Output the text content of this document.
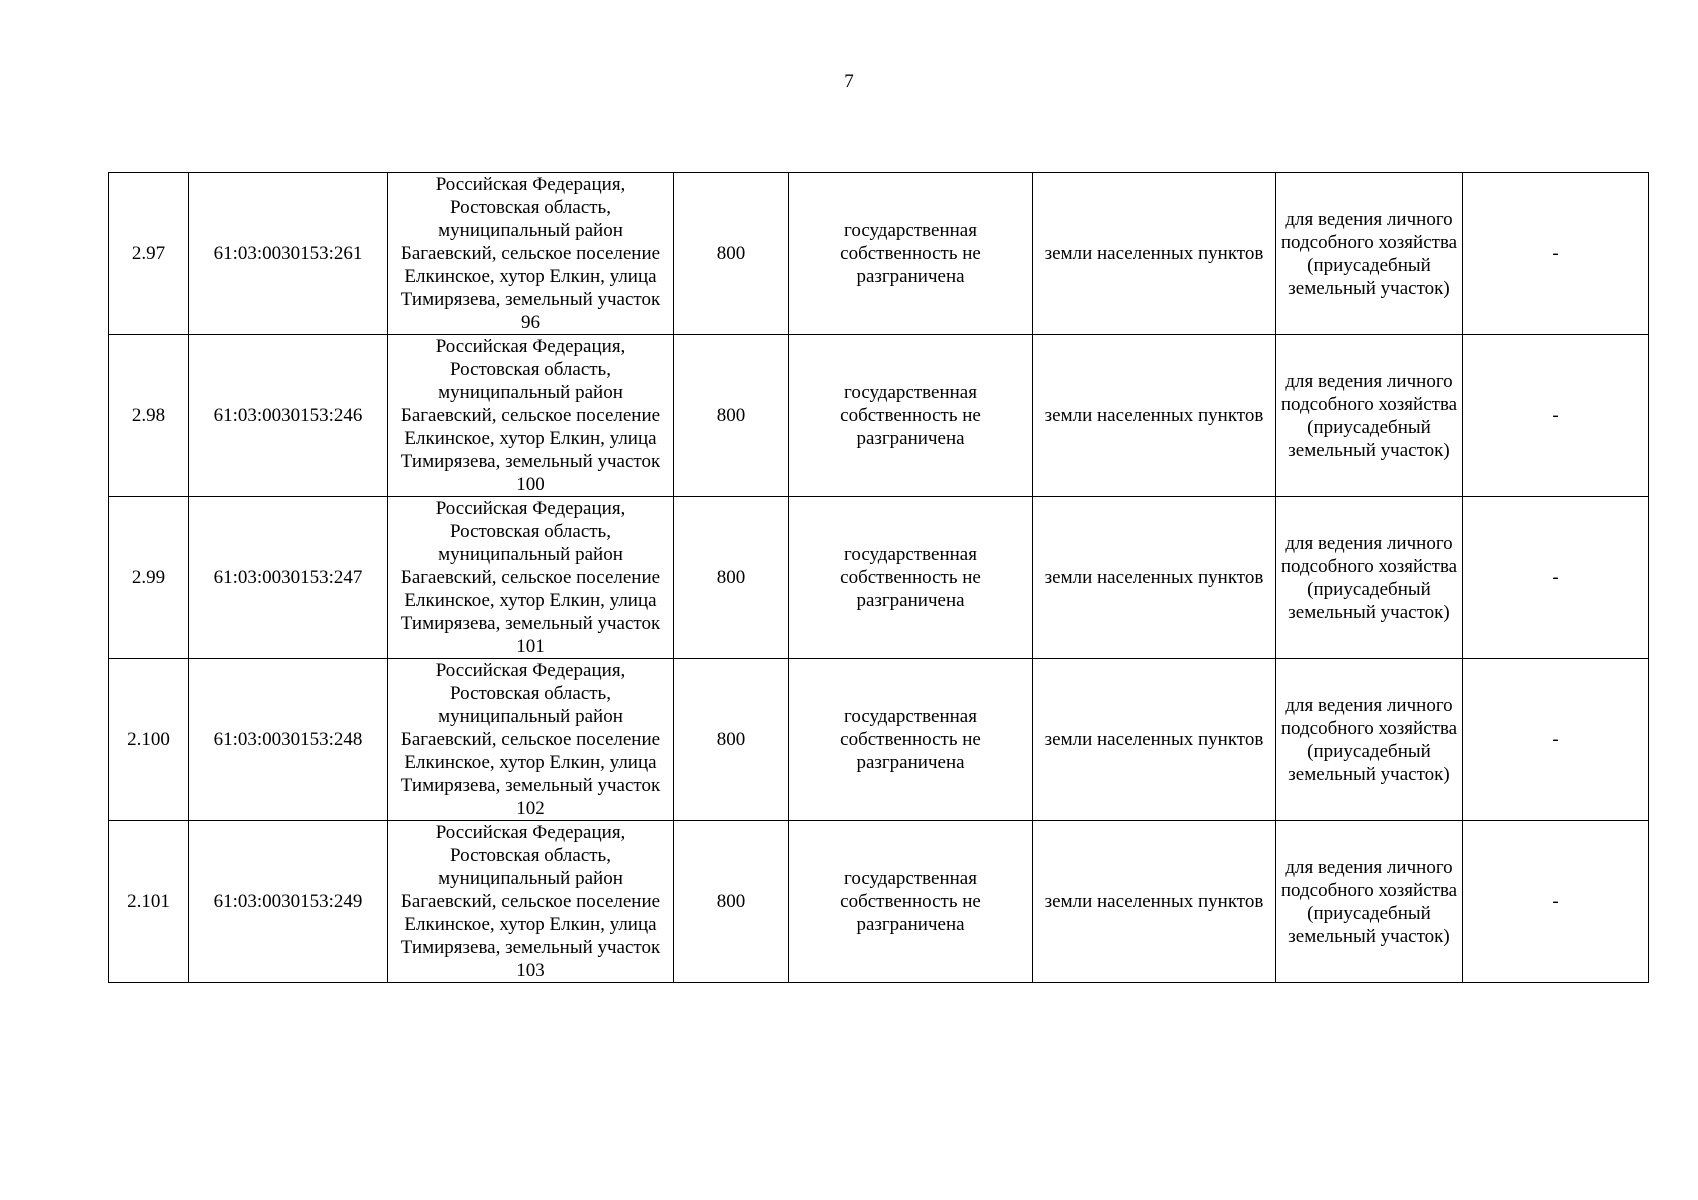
7
2.97	61:03:0030153:261	Российская Федерация, Ростовская область, муниципальный район Багаевский, сельское поселение Елкинское, хутор Елкин, улица Тимирязева, земельный участок 96	800	государственная собственность не разграничена	земли населенных пунктов	для ведения личного подсобного хозяйства (приусадебный земельный участок)	-
2.98	61:03:0030153:246	Российская Федерация, Ростовская область, муниципальный район Багаевский, сельское поселение Елкинское, хутор Елкин, улица Тимирязева, земельный участок 100	800	государственная собственность не разграничена	земли населенных пунктов	для ведения личного подсобного хозяйства (приусадебный земельный участок)	-
2.99	61:03:0030153:247	Российская Федерация, Ростовская область, муниципальный район Багаевский, сельское поселение Елкинское, хутор Елкин, улица Тимирязева, земельный участок 101	800	государственная собственность не разграничена	земли населенных пунктов	для ведения личного подсобного хозяйства (приусадебный земельный участок)	-
2.100	61:03:0030153:248	Российская Федерация, Ростовская область, муниципальный район Багаевский, сельское поселение Елкинское, хутор Елкин, улица Тимирязева, земельный участок 102	800	государственная собственность не разграничена	земли населенных пунктов	для ведения личного подсобного хозяйства (приусадебный земельный участок)	-
2.101	61:03:0030153:249	Российская Федерация, Ростовская область, муниципальный район Багаевский, сельское поселение Елкинское, хутор Елкин, улица Тимирязева, земельный участок 103	800	государственная собственность не разграничена	земли населенных пунктов	для ведения личного подсобного хозяйства (приусадебный земельный участок)	-
